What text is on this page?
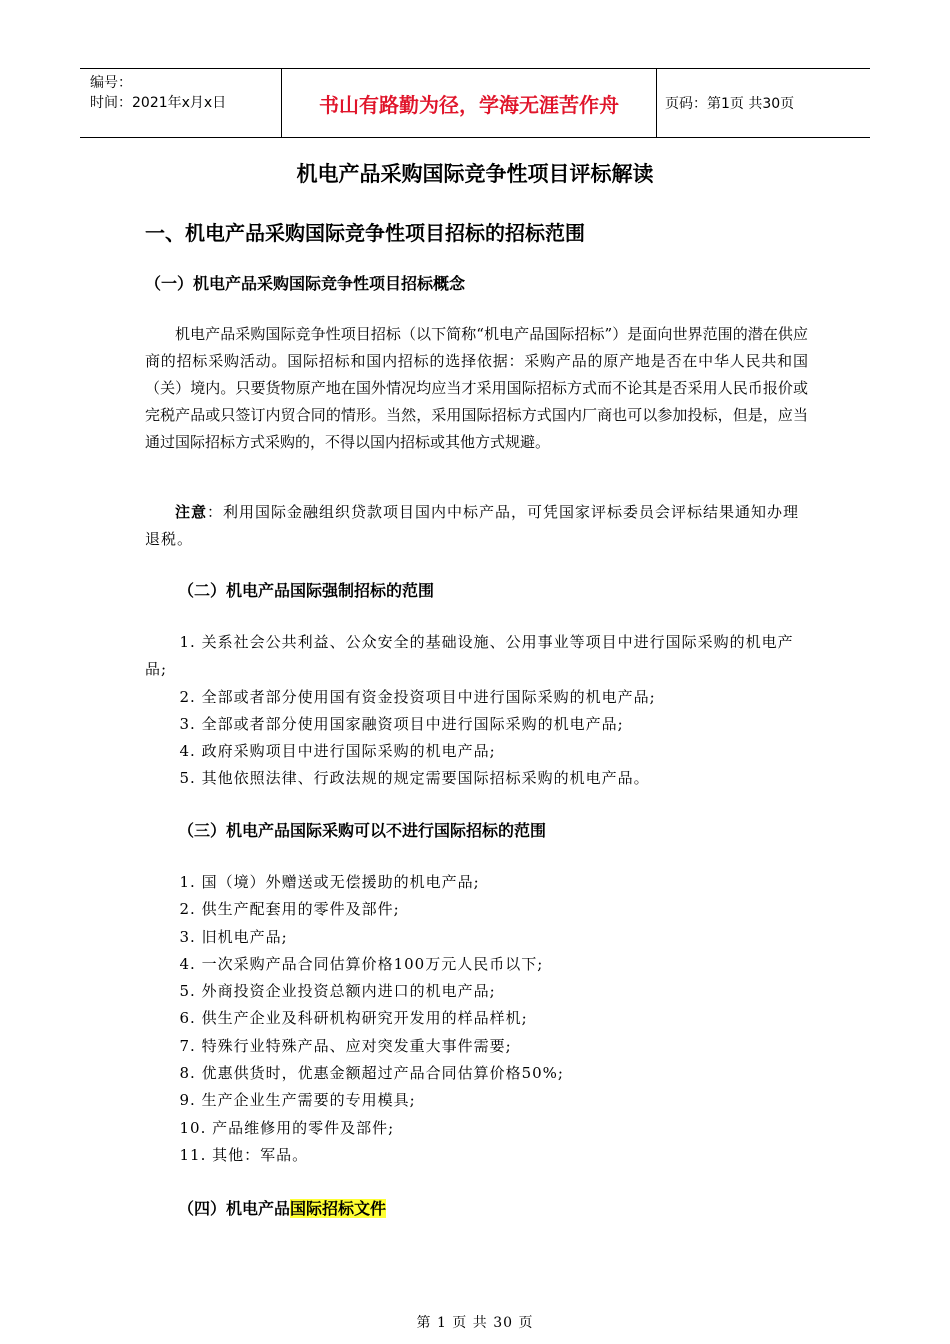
编号：
时间：2021年x月x日	书山有路勤为径，学海无涯苦作舟	页码：第1页 共30页
机电产品采购国际竞争性项目评标解读
一、机电产品采购国际竞争性项目招标的招标范围
（一）机电产品采购国际竞争性项目招标概念
机电产品采购国际竞争性项目招标（以下简称“机电产品国际招标”）是面向世界范围的潜在供应商的招标采购活动。国际招标和国内招标的选择依据：采购产品的原产地是否在中华人民共和国（关）境内。只要货物原产地在国外情况均应当才采用国际招标方式而不论其是否采用人民币报价或完税产品或只签订内贸合同的情形。当然，采用国际招标方式国内厂商也可以参加投标，但是，应当通过国际招标方式采购的，不得以国内招标或其他方式规避。
注意：利用国际金融组织贷款项目国内中标产品，可凭国家评标委员会评标结果通知办理退税。
（二）机电产品国际强制招标的范围
1. 关系社会公共利益、公众安全的基础设施、公用事业等项目中进行国际采购的机电产品;
2. 全部或者部分使用国有资金投资项目中进行国际采购的机电产品;
3. 全部或者部分使用国家融资项目中进行国际采购的机电产品;
4. 政府采购项目中进行国际采购的机电产品;
5. 其他依照法律、行政法规的规定需要国际招标采购的机电产品。
（三）机电产品国际采购可以不进行国际招标的范围
1. 国（境）外赠送或无偿援助的机电产品;
2. 供生产配套用的零件及部件;
3. 旧机电产品;
4. 一次采购产品合同估算价格100万元人民币以下;
5. 外商投资企业投资总额内进口的机电产品;
6. 供生产企业及科研机构研究开发用的样品样机;
7. 特殊行业特殊产品、应对突发重大事件需要;
8. 优惠供货时，优惠金额超过产品合同估算价格50%;
9. 生产企业生产需要的专用模具;
10. 产品维修用的零件及部件;
11. 其他：军品。
（四）机电产品国际招标文件
第 1 页 共 30 页
